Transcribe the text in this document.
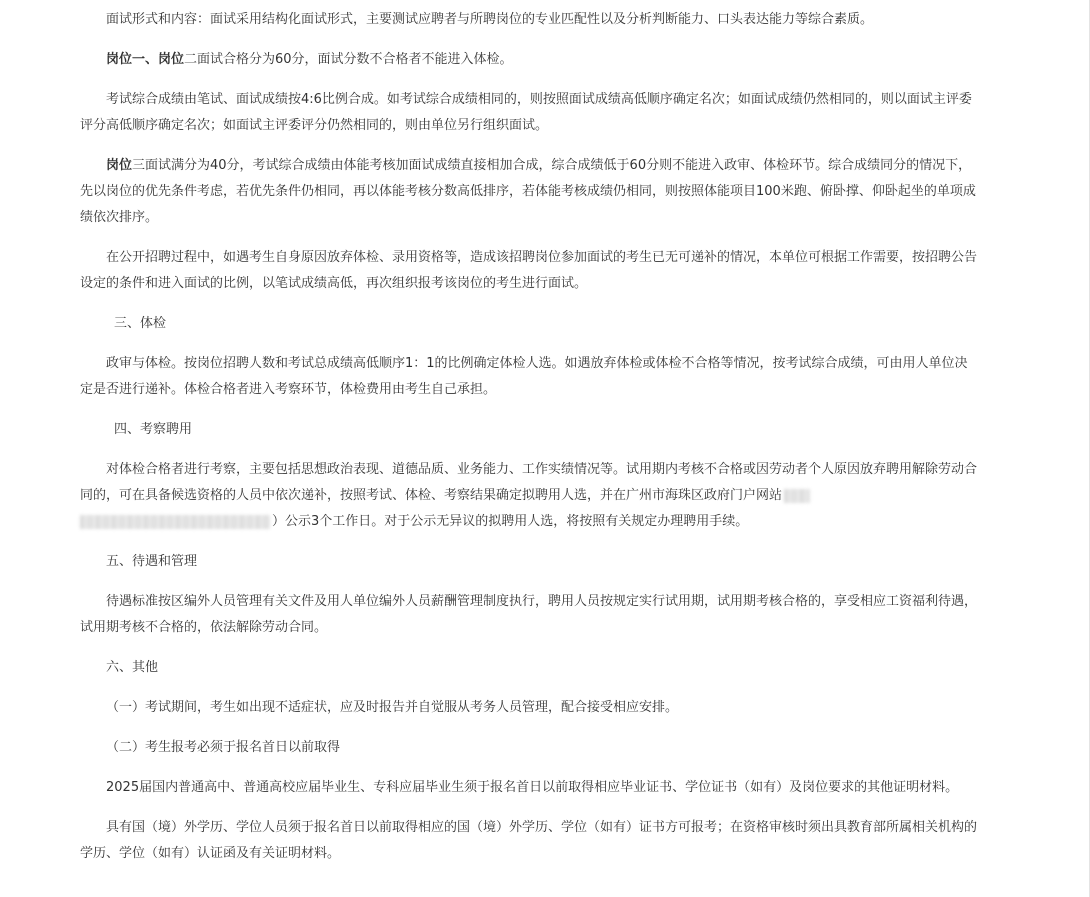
面试形式和内容：面试采用结构化面试形式，主要测试应聘者与所聘岗位的专业匹配性以及分析判断能力、口头表达能力等综合素质。

岗位一、岗位二面试合格分为60分，面试分数不合格者不能进入体检。

考试综合成绩由笔试、面试成绩按4:6比例合成。如考试综合成绩相同的，则按照面试成绩高低顺序确定名次；如面试成绩仍然相同的，则以面试主评委评分高低顺序确定名次；如面试主评委评分仍然相同的，则由单位另行组织面试。

岗位三面试满分为40分，考试综合成绩由体能考核加面试成绩直接相加合成，综合成绩低于60分则不能进入政审、体检环节。综合成绩同分的情况下，先以岗位的优先条件考虑，若优先条件仍相同，再以体能考核分数高低排序，若体能考核成绩仍相同，则按照体能项目100米跑、俯卧撑、仰卧起坐的单项成绩依次排序。

在公开招聘过程中，如遇考生自身原因放弃体检、录用资格等，造成该招聘岗位参加面试的考生已无可递补的情况，本单位可根据工作需要，按招聘公告设定的条件和进入面试的比例，以笔试成绩高低，再次组织报考该岗位的考生进行面试。

三、体检

政审与体检。按岗位招聘人数和考试总成绩高低顺序1：1的比例确定体检人选。如遇放弃体检或体检不合格等情况，按考试综合成绩，可由用人单位决定是否进行递补。体检合格者进入考察环节，体检费用由考生自己承担。

四、考察聘用

对体检合格者进行考察，主要包括思想政治表现、道德品质、业务能力、工作实绩情况等。试用期内考核不合格或因劳动者个人原因放弃聘用解除劳动合同的，可在具备候选资格的人员中依次递补，按照考试、体检、考察结果确定拟聘用人选，并在广州市海珠区政府门户网站
）公示3个工作日。对于公示无异议的拟聘用人选，将按照有关规定办理聘用手续。

五、待遇和管理

待遇标准按区编外人员管理有关文件及用人单位编外人员薪酬管理制度执行，聘用人员按规定实行试用期，试用期考核合格的，享受相应工资福利待遇，试用期考核不合格的，依法解除劳动合同。

六、其他

（一）考试期间，考生如出现不适症状，应及时报告并自觉服从考务人员管理，配合接受相应安排。

（二）考生报考必须于报名首日以前取得

2025届国内普通高中、普通高校应届毕业生、专科应届毕业生须于报名首日以前取得相应毕业证书、学位证书（如有）及岗位要求的其他证明材料。

具有国（境）外学历、学位人员须于报名首日以前取得相应的国（境）外学历、学位（如有）证书方可报考；在资格审核时须出具教育部所属相关机构的学历、学位（如有）认证函及有关证明材料。
